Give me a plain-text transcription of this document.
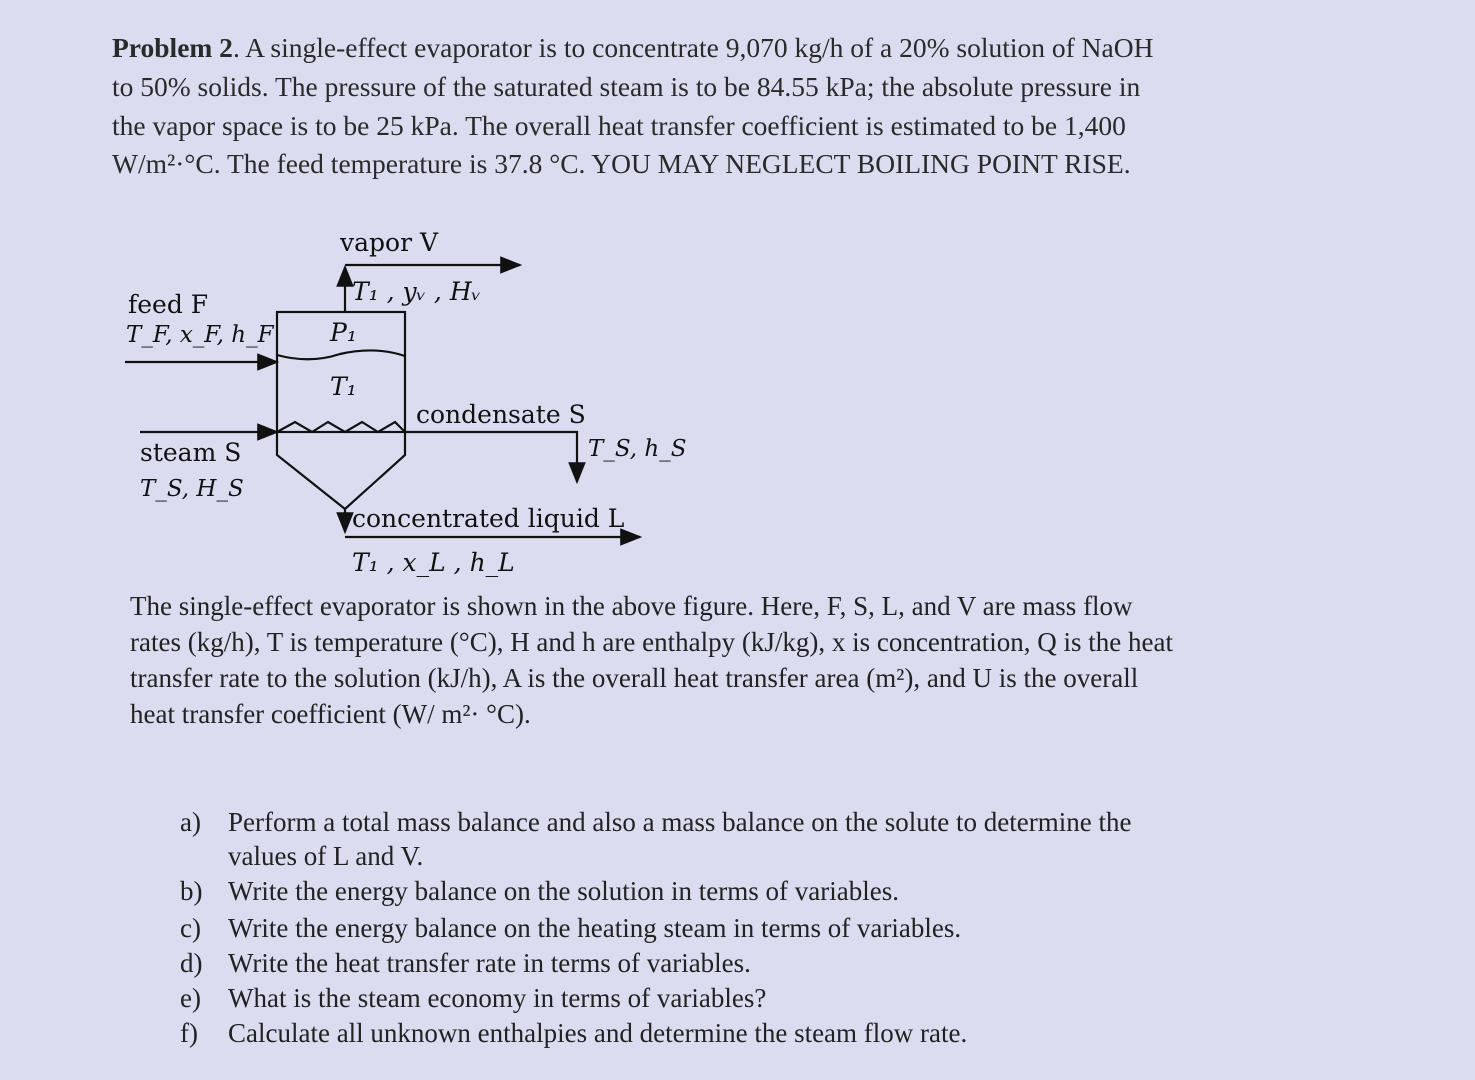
Problem 2. A single-effect evaporator is to concentrate 9,070 kg/h of a 20% solution of NaOH
to 50% solids. The pressure of the saturated steam is to be 84.55 kPa; the absolute pressure in
the vapor space is to be 25 kPa. The overall heat transfer coefficient is estimated to be 1,400
W/m²·°C. The feed temperature is 37.8 °C. YOU MAY NEGLECT BOILING POINT RISE.
vapor V
T₁ , yᵥ , Hᵥ
feed F
T_F, x_F, h_F P₁
T₁
condensate S
T_S, h_S
steam S
T_S, H_S
concentrated liquid L
T₁ , x_L , h_L
The single-effect evaporator is shown in the above figure. Here, F, S, L, and V are mass flow
rates (kg/h), T is temperature (°C), H and h are enthalpy (kJ/kg), x is concentration, Q is the heat
transfer rate to the solution (kJ/h), A is the overall heat transfer area (m²), and U is the overall
heat transfer coefficient (W/ m²· °C).
a) Perform a total mass balance and also a mass balance on the solute to determine the
values of L and V.
b) Write the energy balance on the solution in terms of variables.
c) Write the energy balance on the heating steam in terms of variables.
d) Write the heat transfer rate in terms of variables.
e) What is the steam economy in terms of variables?
f) Calculate all unknown enthalpies and determine the steam flow rate.
